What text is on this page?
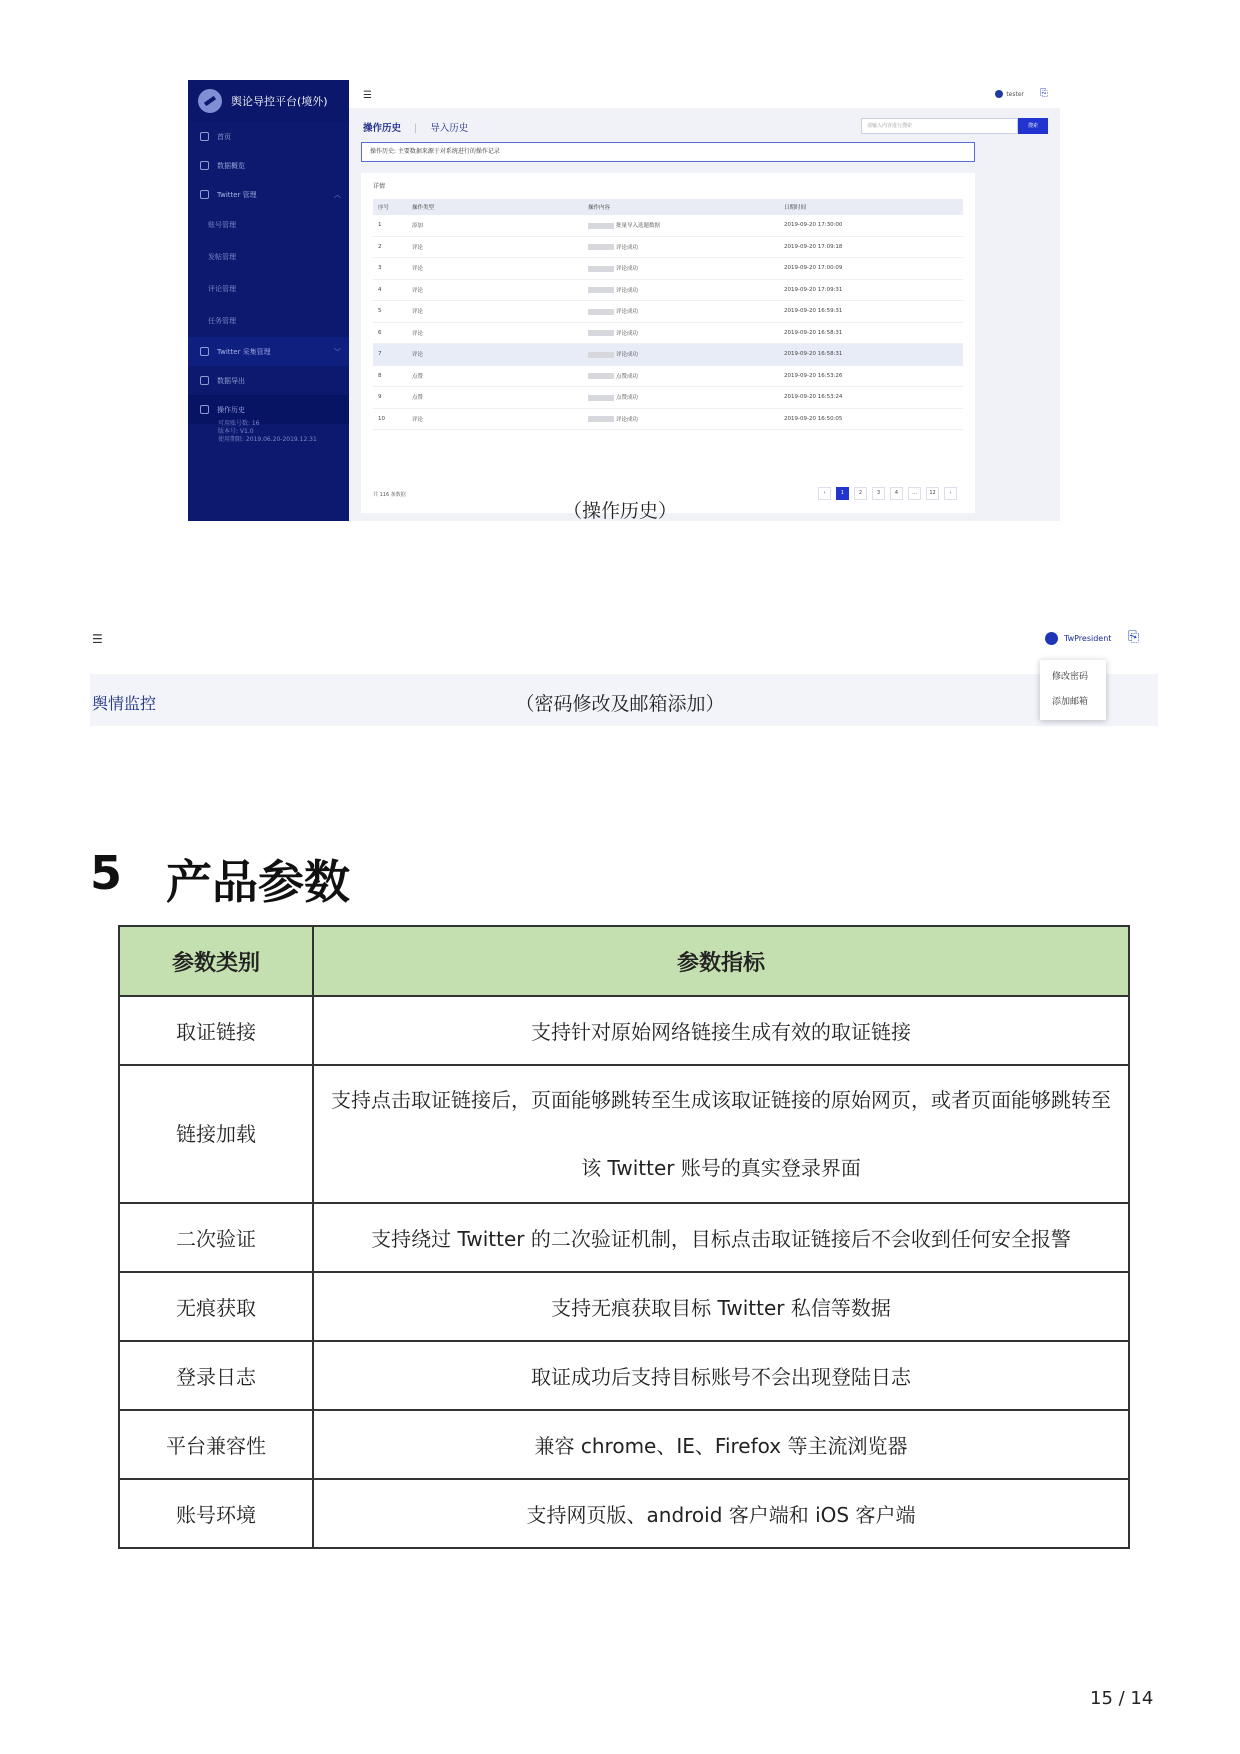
舆论导控平台(境外)
首页
数据概览
Twitter 管理	︿
账号管理
发帖管理
评论管理
任务管理
Twitter 采集管理	﹀
数据导出
操作历史
可用账号数: 16
版本号: V1.0
使用期限: 2019.06.20-2019.12.31
☰	tester ⎘
操作历史 | 导入历史	请输入内容进行搜索	搜索
操作历史: 主要数据来源于对系统进行的操作记录
详情
序号	操作类型	操作内容	日期时间
1	添加	批量导入选题数据	2019-09-20 17:30:00
2	评论	评论成功	2019-09-20 17:09:18
3	评论	评论成功	2019-09-20 17:00:09
4	评论	评论成功	2019-09-20 17:09:31
5	评论	评论成功	2019-09-20 16:59:31
6	评论	评论成功	2019-09-20 16:58:31
7	评论	评论成功	2019-09-20 16:58:31
8	点赞	点赞成功	2019-09-20 16:53:26
9	点赞	点赞成功	2019-09-20 16:53:24
10	评论	评论成功	2019-09-20 16:50:05
共 116 条数据	‹	1	2	3	4	…	12	›
（操作历史）
☰	TwPresident ⎘
舆情监控
修改密码
添加邮箱
（密码修改及邮箱添加）
5 产品参数
参数类别	参数指标
取证链接	支持针对原始网络链接生成有效的取证链接
链接加载	支持点击取证链接后，页面能够跳转至生成该取证链接的原始网页，或者页面能够跳转至该 Twitter 账号的真实登录界面
二次验证	支持绕过 Twitter 的二次验证机制，目标点击取证链接后不会收到任何安全报警
无痕获取	支持无痕获取目标 Twitter 私信等数据
登录日志	取证成功后支持目标账号不会出现登陆日志
平台兼容性	兼容 chrome、IE、Firefox 等主流浏览器
账号环境	支持网页版、android 客户端和 iOS 客户端
15 / 14
